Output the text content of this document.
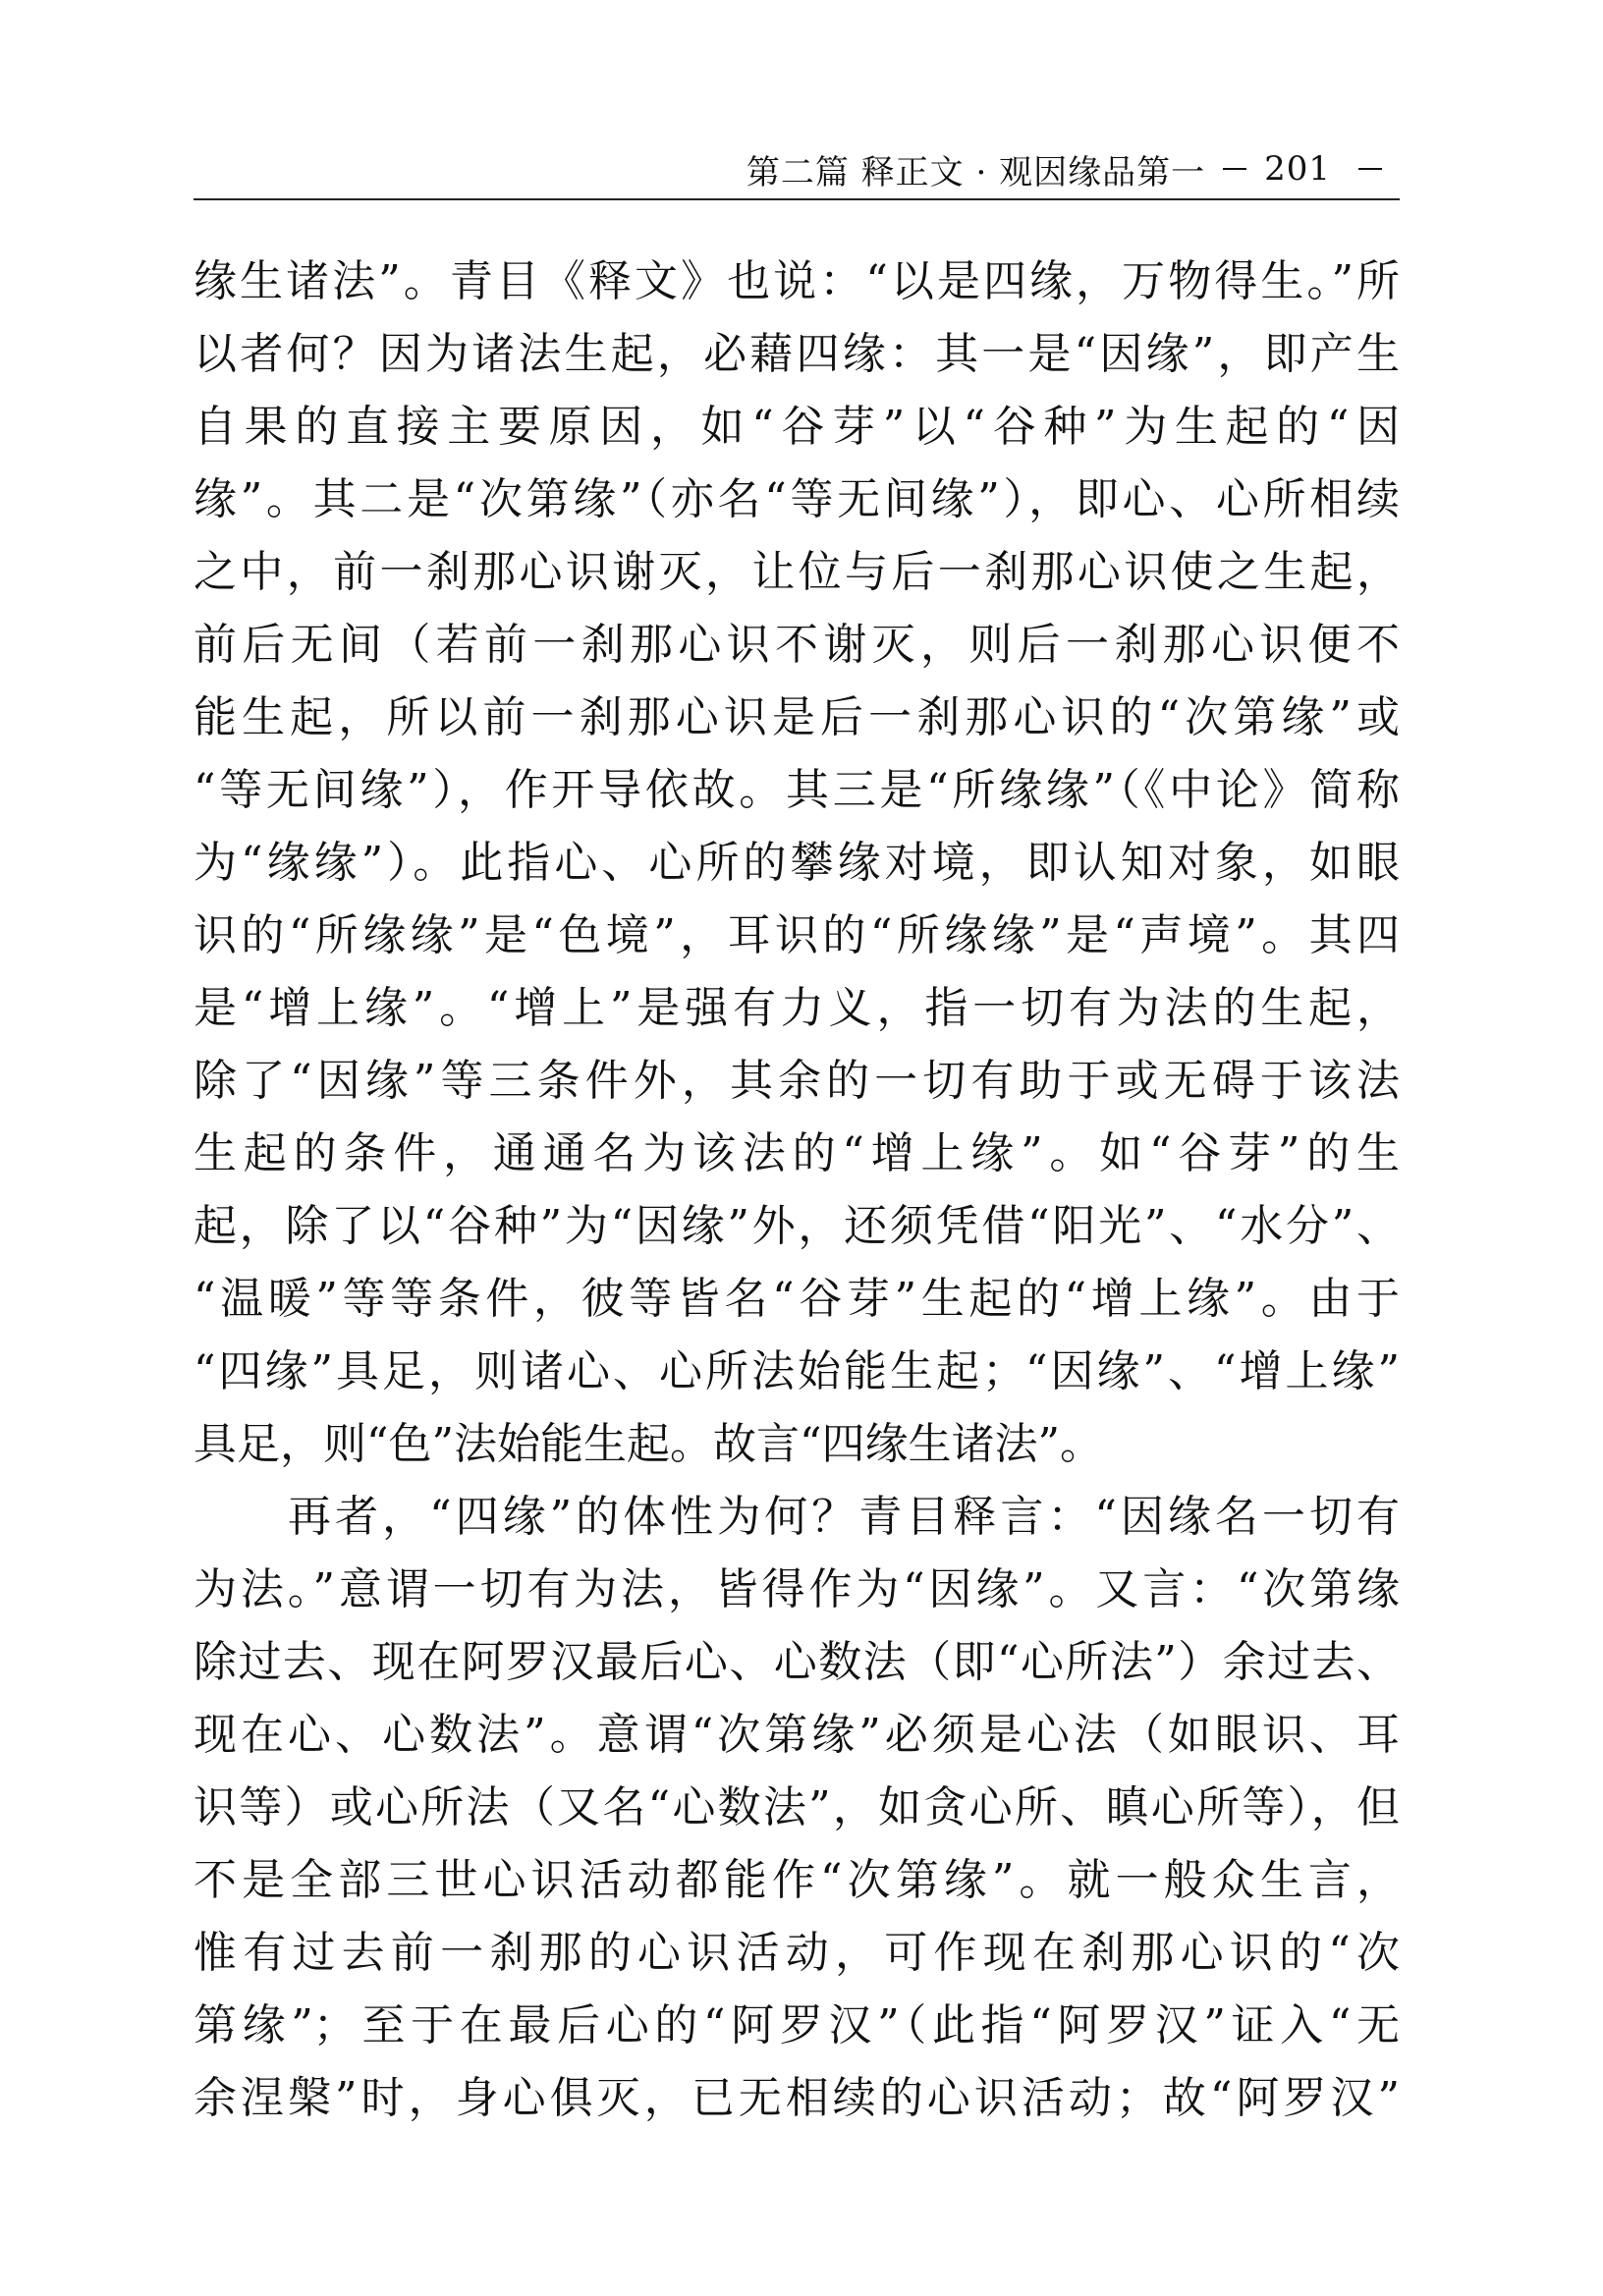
第二篇 释正文 · 观因缘品第一 201
缘生诸法”。青目《释文》也说：“以是四缘，万物得生。”所
以者何？因为诸法生起，必藉四缘：其一是“因缘”，即产生
自果的直接主要原因，如“谷芽”以“谷种”为生起的“因
缘”。其二是“次第缘”（亦名“等无间缘”），即心、心所相续
之中，前一刹那心识谢灭，让位与后一刹那心识使之生起，
前后无间（若前一刹那心识不谢灭，则后一刹那心识便不
能生起，所以前一刹那心识是后一刹那心识的“次第缘”或
“等无间缘”），作开导依故。其三是“所缘缘”（《中论》简称
为“缘缘”）。此指心、心所的攀缘对境，即认知对象，如眼
识的“所缘缘”是“色境”，耳识的“所缘缘”是“声境”。其四
是“增上缘”。“增上”是强有力义，指一切有为法的生起，
除了“因缘”等三条件外，其余的一切有助于或无碍于该法
生起的条件，通通名为该法的“增上缘”。如“谷芽”的生
起，除了以“谷种”为“因缘”外，还须凭借“阳光”、“水分”、
“温暖”等等条件，彼等皆名“谷芽”生起的“增上缘”。由于
“四缘”具足，则诸心、心所法始能生起；“因缘”、“增上缘”
具足，则“色”法始能生起。故言“四缘生诸法”。
再者，“四缘”的体性为何？青目释言：“因缘名一切有
为法。”意谓一切有为法，皆得作为“因缘”。又言：“次第缘
除过去、现在阿罗汉最后心、心数法（即“心所法”）余过去、
现在心、心数法”。意谓“次第缘”必须是心法（如眼识、耳
识等）或心所法（又名“心数法”，如贪心所、瞋心所等），但
不是全部三世心识活动都能作“次第缘”。就一般众生言，
惟有过去前一刹那的心识活动，可作现在刹那心识的“次
第缘”；至于在最后心的“阿罗汉”（此指“阿罗汉”证入“无
余涅槃”时，身心俱灭，已无相续的心识活动；故“阿罗汉”
